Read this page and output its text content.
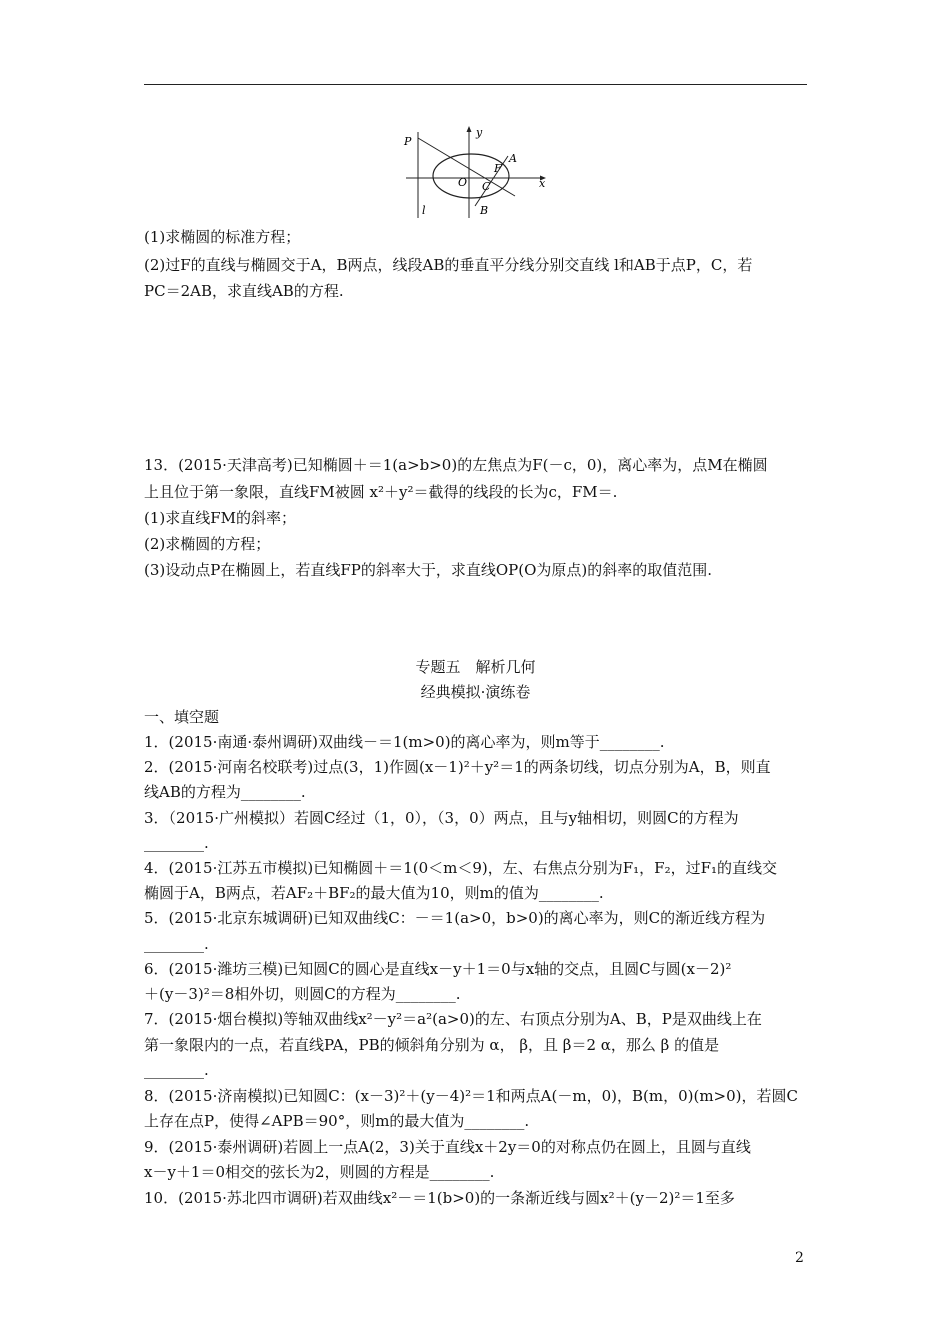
P
y
A
F
O C	x
l	B
(1)求椭圆的标准方程；
(2)过F的直线与椭圆交于A，B两点，线段AB的垂直平分线分别交直线 l和AB于点P，C，若
PC＝2AB，求直线AB的方程.
13．(2015·天津高考)已知椭圆＋＝1(a>b>0)的左焦点为F(－c，0)，离心率为，点M在椭圆
上且位于第一象限，直线FM被圆 x²＋y²＝截得的线段的长为c，FM＝.
(1)求直线FM的斜率；
(2)求椭圆的方程；
(3)设动点P在椭圆上，若直线FP的斜率大于，求直线OP(O为原点)的斜率的取值范围.
专题五　解析几何
经典模拟·演练卷
一、填空题
1．(2015·南通·泰州调研)双曲线－＝1(m>0)的离心率为，则m等于________.
2．(2015·河南名校联考)过点(3，1)作圆(x－1)²＋y²＝1的两条切线，切点分别为A，B，则直
线AB的方程为________.
3．（2015·广州模拟）若圆C经过（1，0），（3，0）两点，且与y轴相切，则圆C的方程为
________.
4．(2015·江苏五市模拟)已知椭圆＋＝1(0＜m＜9)，左、右焦点分别为F₁，F₂，过F₁的直线交
椭圆于A，B两点，若AF₂＋BF₂的最大值为10，则m的值为________.
5．(2015·北京东城调研)已知双曲线C：－＝1(a>0，b>0)的离心率为，则C的渐近线方程为
________.
6．(2015·潍坊三模)已知圆C的圆心是直线x－y＋1＝0与x轴的交点，且圆C与圆(x－2)²
＋(y－3)²＝8相外切，则圆C的方程为________.
7．(2015·烟台模拟)等轴双曲线x²－y²＝a²(a>0)的左、右顶点分别为A、B，P是双曲线上在
第一象限内的一点，若直线PA，PB的倾斜角分别为 α， β，且 β＝2 α，那么 β 的值是
________.
8．(2015·济南模拟)已知圆C：(x－3)²＋(y－4)²＝1和两点A(－m，0)，B(m，0)(m>0)，若圆C
上存在点P，使得∠APB＝90°，则m的最大值为________.
9．(2015·泰州调研)若圆上一点A(2，3)关于直线x＋2y＝0的对称点仍在圆上，且圆与直线
x－y＋1＝0相交的弦长为2，则圆的方程是________.
10．(2015·苏北四市调研)若双曲线x²－＝1(b>0)的一条渐近线与圆x²＋(y－2)²＝1至多
2
